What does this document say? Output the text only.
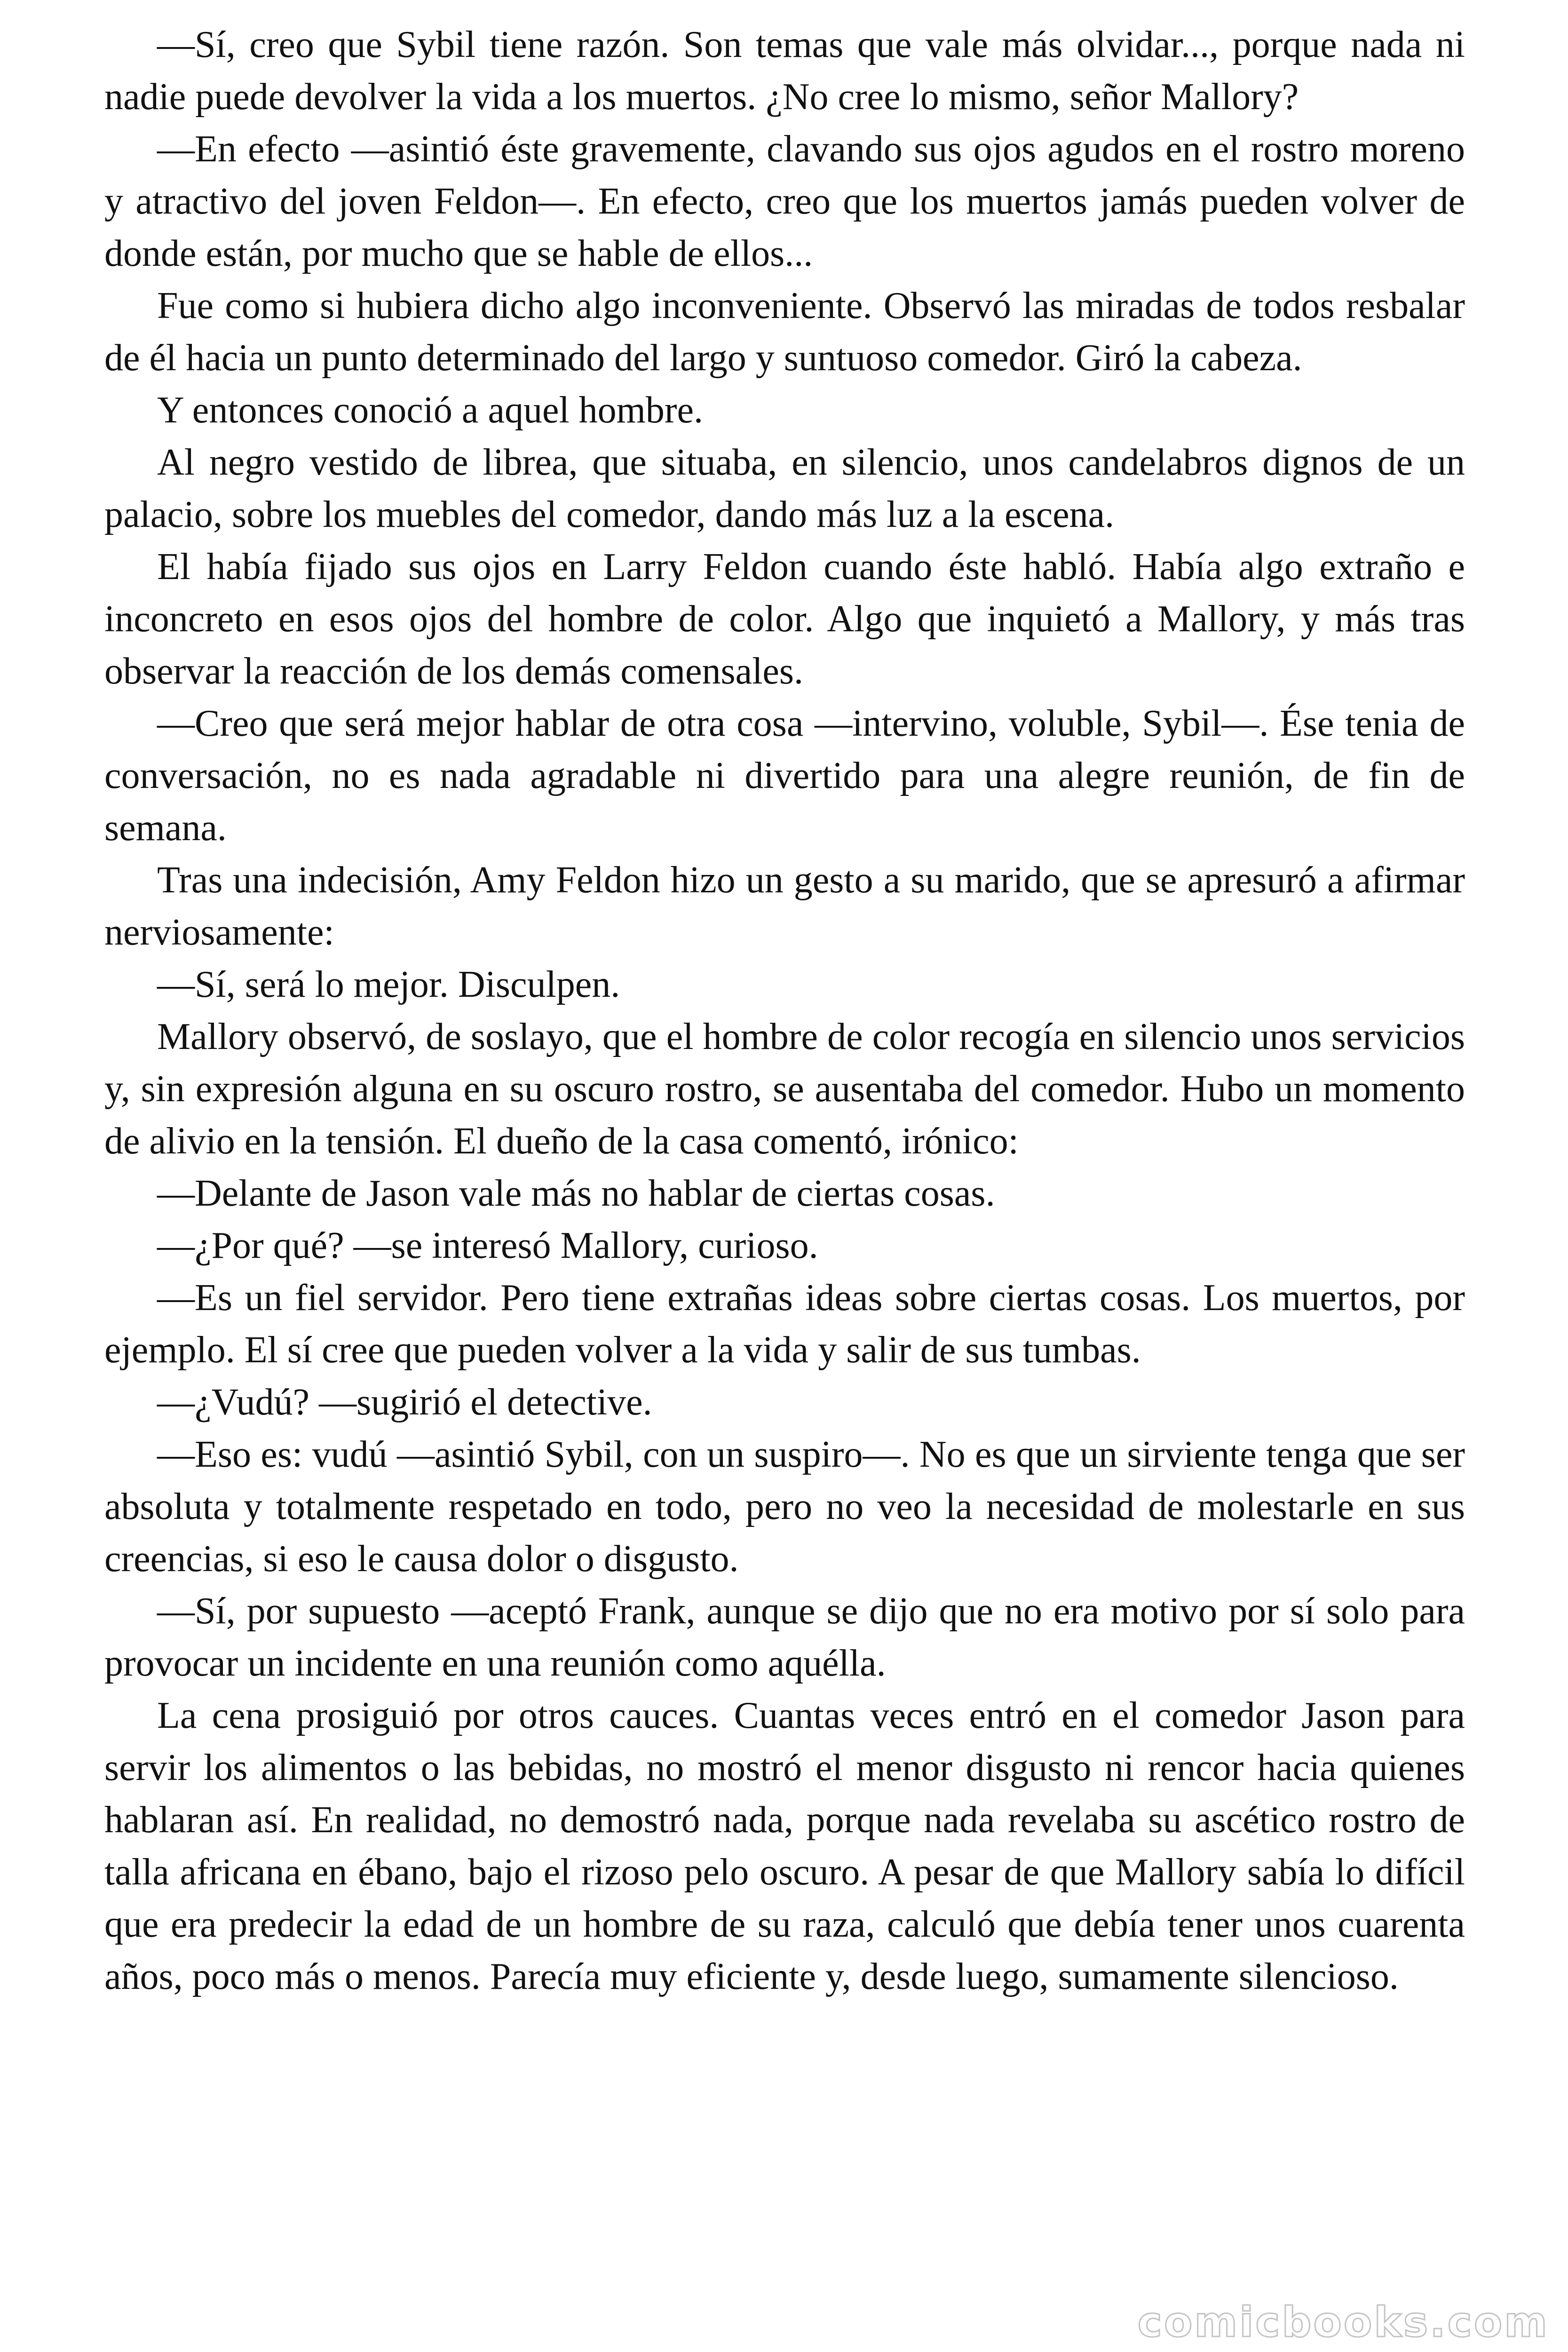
—Sí, creo que Sybil tiene razón. Son temas que vale más olvidar..., porque nada ni nadie puede devolver la vida a los muertos. ¿No cree lo mismo, señor Mallory?

—En efecto —asintió éste gravemente, clavando sus ojos agudos en el rostro moreno y atractivo del joven Feldon—. En efecto, creo que los muertos jamás pueden volver de donde están, por mucho que se hable de ellos...

Fue como si hubiera dicho algo inconveniente. Observó las miradas de todos resbalar de él hacia un punto determinado del largo y suntuoso comedor. Giró la cabeza.

Y entonces conoció a aquel hombre.

Al negro vestido de librea, que situaba, en silencio, unos candelabros dignos de un palacio, sobre los muebles del comedor, dando más luz a la escena.

El había fijado sus ojos en Larry Feldon cuando éste habló. Había algo extraño e inconcreto en esos ojos del hombre de color. Algo que inquietó a Mallory, y más tras observar la reacción de los demás comensales.

—Creo que será mejor hablar de otra cosa —intervino, voluble, Sybil—. Ése tenia de conversación, no es nada agradable ni divertido para una alegre reunión, de fin de semana.

Tras una indecisión, Amy Feldon hizo un gesto a su marido, que se apresuró a afirmar nerviosamente:

—Sí, será lo mejor. Disculpen.

Mallory observó, de soslayo, que el hombre de color recogía en silencio unos servicios y, sin expresión alguna en su oscuro rostro, se ausentaba del comedor. Hubo un momento de alivio en la tensión. El dueño de la casa comentó, irónico:

—Delante de Jason vale más no hablar de ciertas cosas.

—¿Por qué? —se interesó Mallory, curioso.

—Es un fiel servidor. Pero tiene extrañas ideas sobre ciertas cosas. Los muertos, por ejemplo. El sí cree que pueden volver a la vida y salir de sus tumbas.

—¿Vudú? —sugirió el detective.

—Eso es: vudú —asintió Sybil, con un suspiro—. No es que un sirviente tenga que ser absoluta y totalmente respetado en todo, pero no veo la necesidad de molestarle en sus creencias, si eso le causa dolor o disgusto.

—Sí, por supuesto —aceptó Frank, aunque se dijo que no era motivo por sí solo para provocar un incidente en una reunión como aquélla.

La cena prosiguió por otros cauces. Cuantas veces entró en el comedor Jason para servir los alimentos o las bebidas, no mostró el menor disgusto ni rencor hacia quienes hablaran así. En realidad, no demostró nada, porque nada revelaba su ascético rostro de talla africana en ébano, bajo el rizoso pelo oscuro. A pesar de que Mallory sabía lo difícil que era predecir la edad de un hombre de su raza, calculó que debía tener unos cuarenta años, poco más o menos. Parecía muy eficiente y, desde luego, sumamente silencioso.

comicbooks.com
